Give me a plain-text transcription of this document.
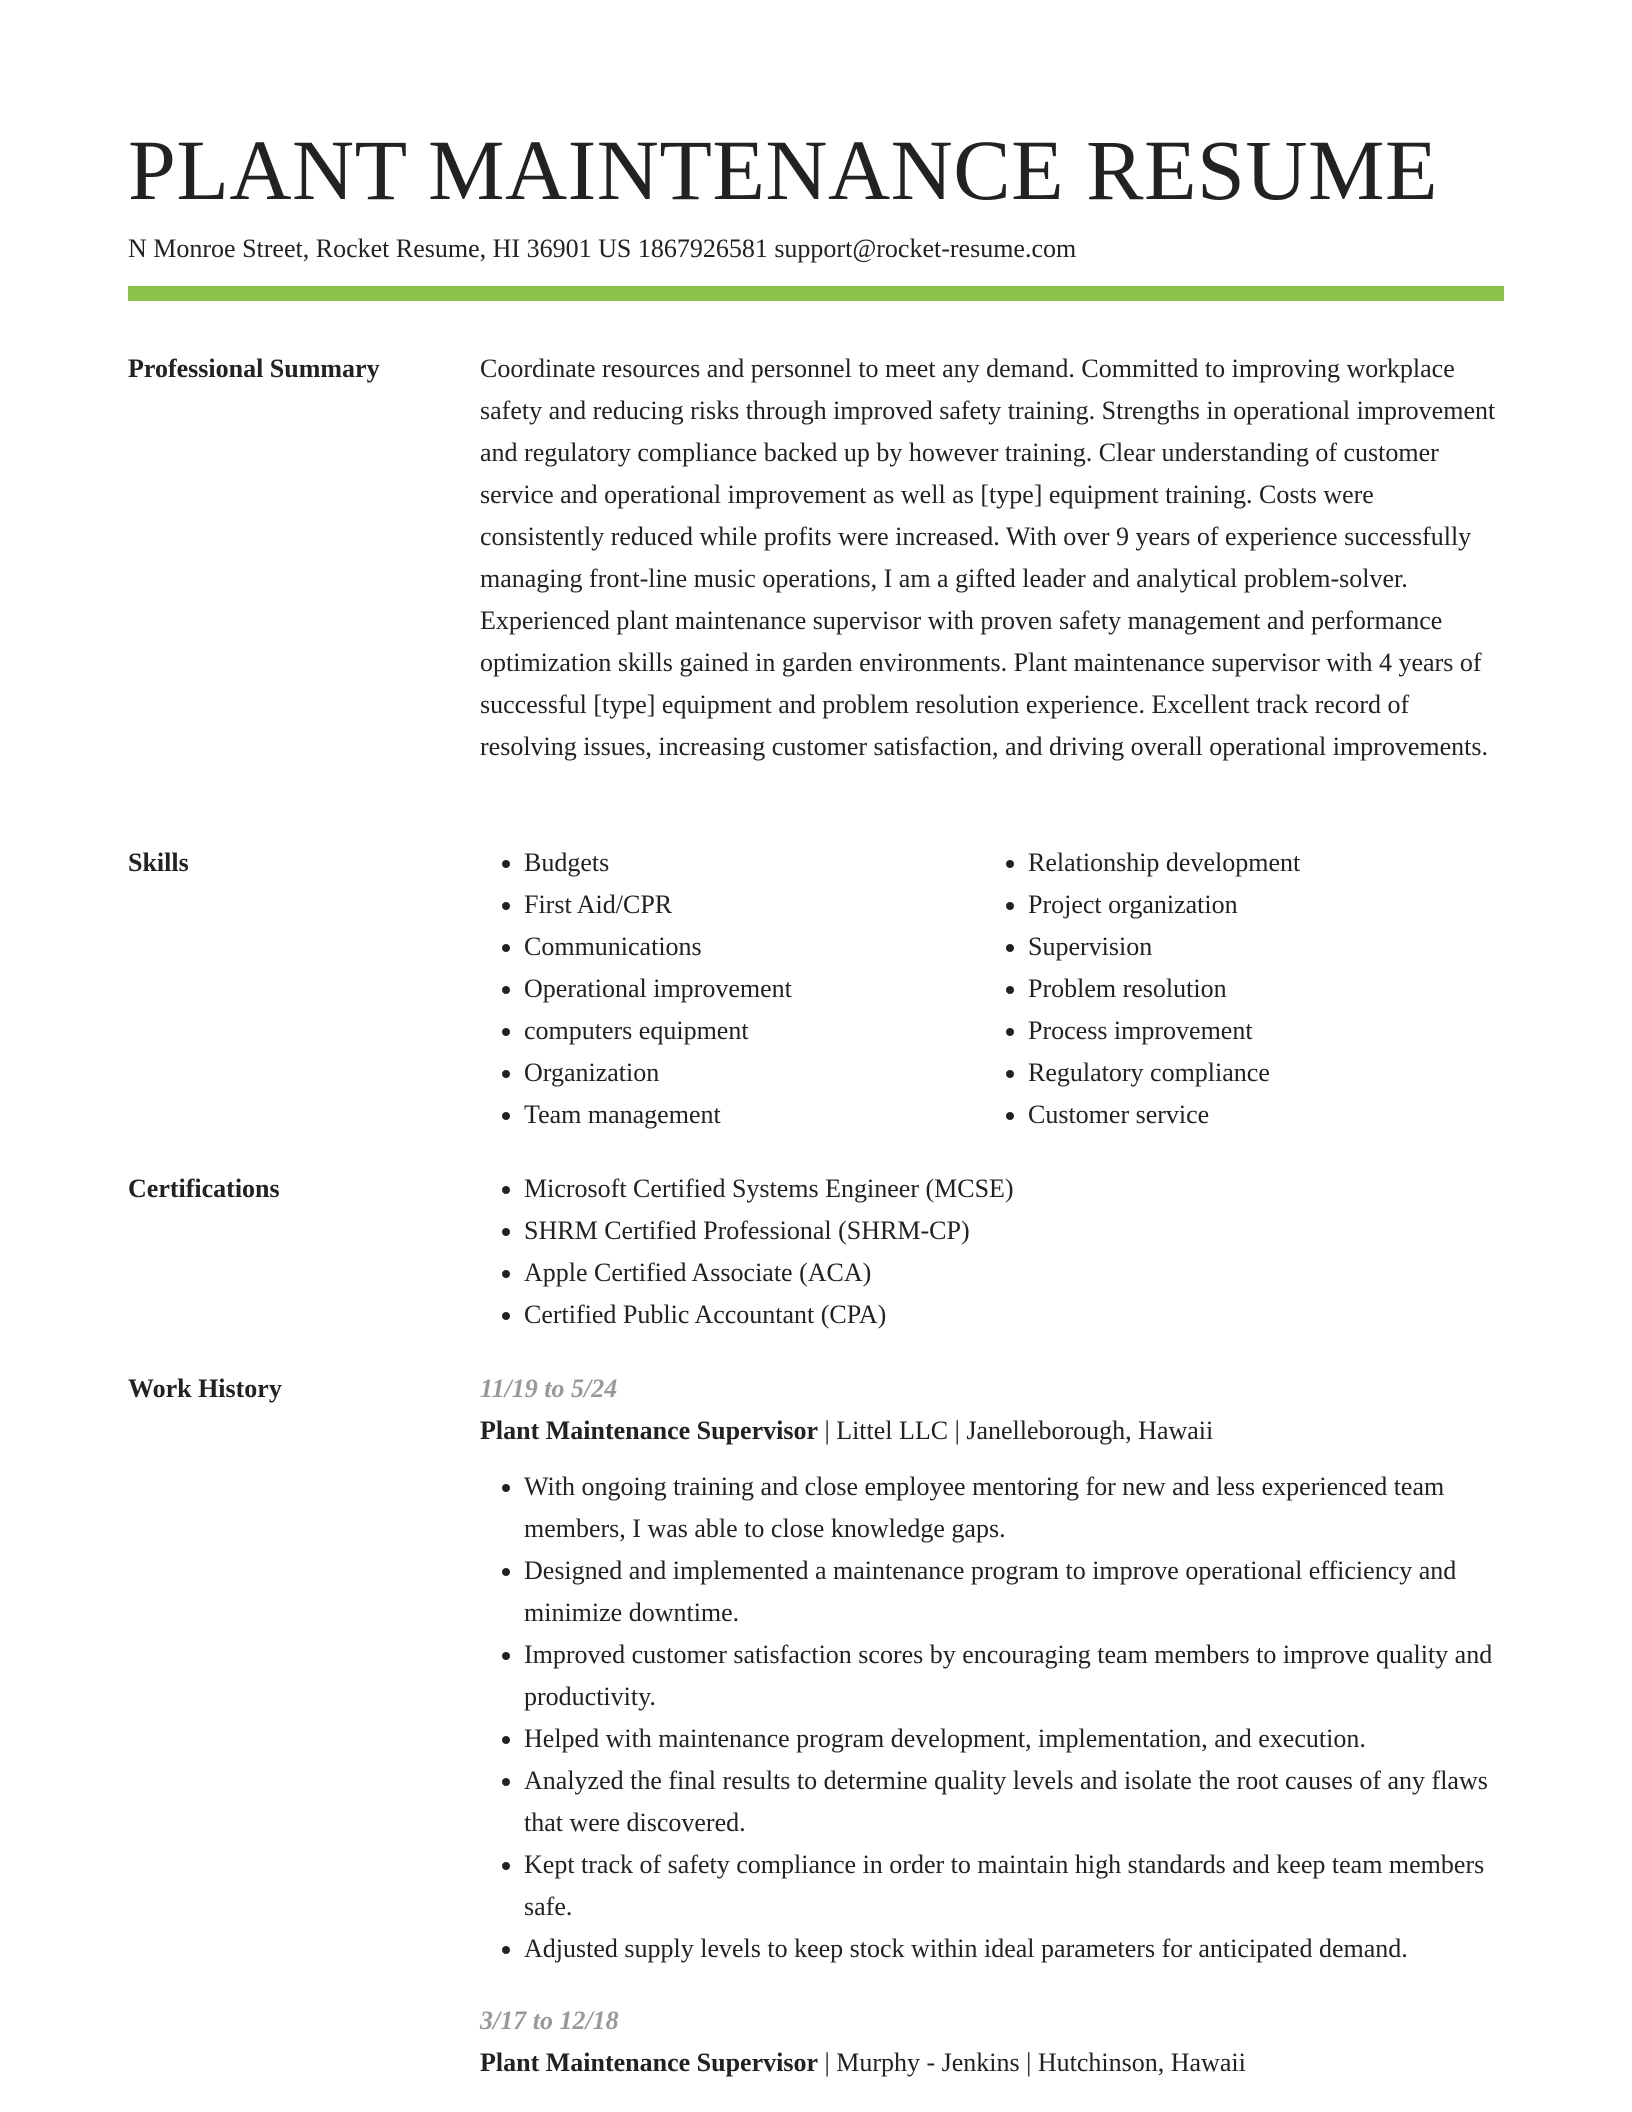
PLANT MAINTENANCE RESUME
N Monroe Street, Rocket Resume, HI 36901 US 1867926581 support@rocket-resume.com
Professional Summary	Coordinate resources and personnel to meet any demand. Committed to improving workplace safety and reducing risks through improved safety training. Strengths in operational improvement and regulatory compliance backed up by however training. Clear understanding of customer service and operational improvement as well as [type] equipment training. Costs were consistently reduced while profits were increased. With over 9 years of experience successfully managing front-line music operations, I am a gifted leader and analytical problem-solver. Experienced plant maintenance supervisor with proven safety management and performance optimization skills gained in garden environments. Plant maintenance supervisor with 4 years of successful [type] equipment and problem resolution experience. Excellent track record of resolving issues, increasing customer satisfaction, and driving overall operational improvements.

Skills	• Budgets
• First Aid/CPR
• Communications
• Operational improvement
• computers equipment
• Organization
• Team management
• Relationship development
• Project organization
• Supervision
• Problem resolution
• Process improvement
• Regulatory compliance
• Customer service
Certifications	• Microsoft Certified Systems Engineer (MCSE)
• SHRM Certified Professional (SHRM-CP)
• Apple Certified Associate (ACA)
• Certified Public Accountant (CPA)
Work History	11/19 to 5/24
Plant Maintenance Supervisor | Littel LLC | Janelleborough, Hawaii
• With ongoing training and close employee mentoring for new and less experienced team members, I was able to close knowledge gaps.
• Designed and implemented a maintenance program to improve operational efficiency and minimize downtime.
• Improved customer satisfaction scores by encouraging team members to improve quality and productivity.
• Helped with maintenance program development, implementation, and execution.
• Analyzed the final results to determine quality levels and isolate the root causes of any flaws that were discovered.
• Kept track of safety compliance in order to maintain high standards and keep team members safe.
• Adjusted supply levels to keep stock within ideal parameters for anticipated demand.
3/17 to 12/18
Plant Maintenance Supervisor | Murphy - Jenkins | Hutchinson, Hawaii
